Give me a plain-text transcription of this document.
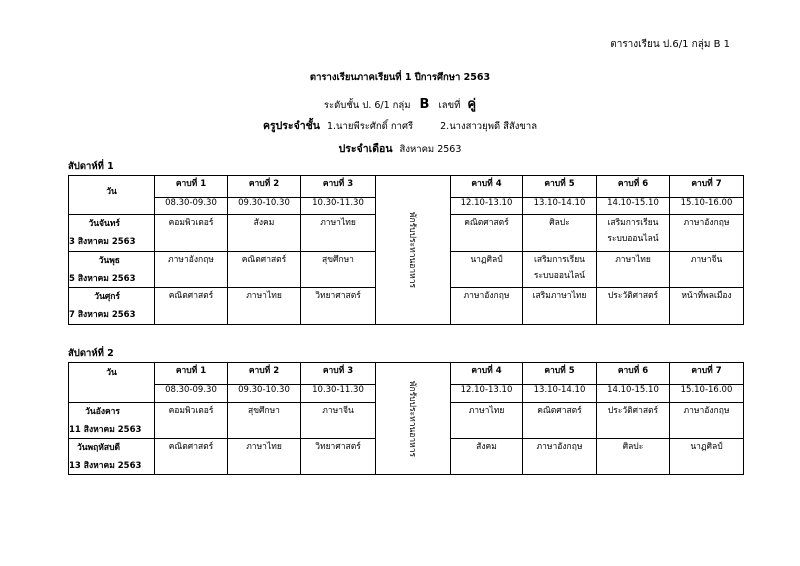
ตารางเรียน ป.6/1 กลุ่ม B 1
ตารางเรียนภาคเรียนที่ 1 ปีการศึกษา 2563
ระดับชั้น ป. 6/1 กลุ่ม B เลขที่ คู่
ครูประจำชั้น 1.นายพีระศักดิ์ กาศรี	2.นางสาวยุพดี สีสังขาล
ประจำเดือน สิงหาคม 2563
สัปดาห์ที่ 1
วัน	คาบที่ 1	คาบที่ 2	คาบที่ 3	พักรับประทานอาหาร	คาบที่ 4	คาบที่ 5	คาบที่ 6	คาบที่ 7
	08.30-09.30	09.30-10.30	10.30-11.30		12.10-13.10	13.10-14.10	14.10-15.10	15.10-16.00

วันจันทร์
3 สิงหาคม 2563	คอมพิวเตอร์	สังคม	ภาษาไทย		คณิตศาสตร์	ศิลปะ	เสริมการเรียน ระบบออนไลน์	ภาษาอังกฤษ

วันพุธ
5 สิงหาคม 2563	ภาษาอังกฤษ	คณิตศาสตร์	สุขศึกษา		นาฏศิลป์	เสริมการเรียน ระบบออนไลน์	ภาษาไทย	ภาษาจีน

วันศุกร์
7 สิงหาคม 2563	คณิตศาสตร์	ภาษาไทย	วิทยาศาสตร์		ภาษาอังกฤษ	เสริมภาษาไทย	ประวัติศาสตร์	หน้าที่พลเมือง
สัปดาห์ที่ 2
วัน	คาบที่ 1	คาบที่ 2	คาบที่ 3	พักรับประทานอาหาร	คาบที่ 4	คาบที่ 5	คาบที่ 6	คาบที่ 7
	08.30-09.30	09.30-10.30	10.30-11.30		12.10-13.10	13.10-14.10	14.10-15.10	15.10-16.00

วันอังคาร
11 สิงหาคม 2563	คอมพิวเตอร์	สุขศึกษา	ภาษาจีน		ภาษาไทย	คณิตศาสตร์	ประวัติศาสตร์	ภาษาอังกฤษ

วันพฤหัสบดี
13 สิงหาคม 2563	คณิตศาสตร์	ภาษาไทย	วิทยาศาสตร์		สังคม	ภาษาอังกฤษ	ศิลปะ	นาฏศิลป์
